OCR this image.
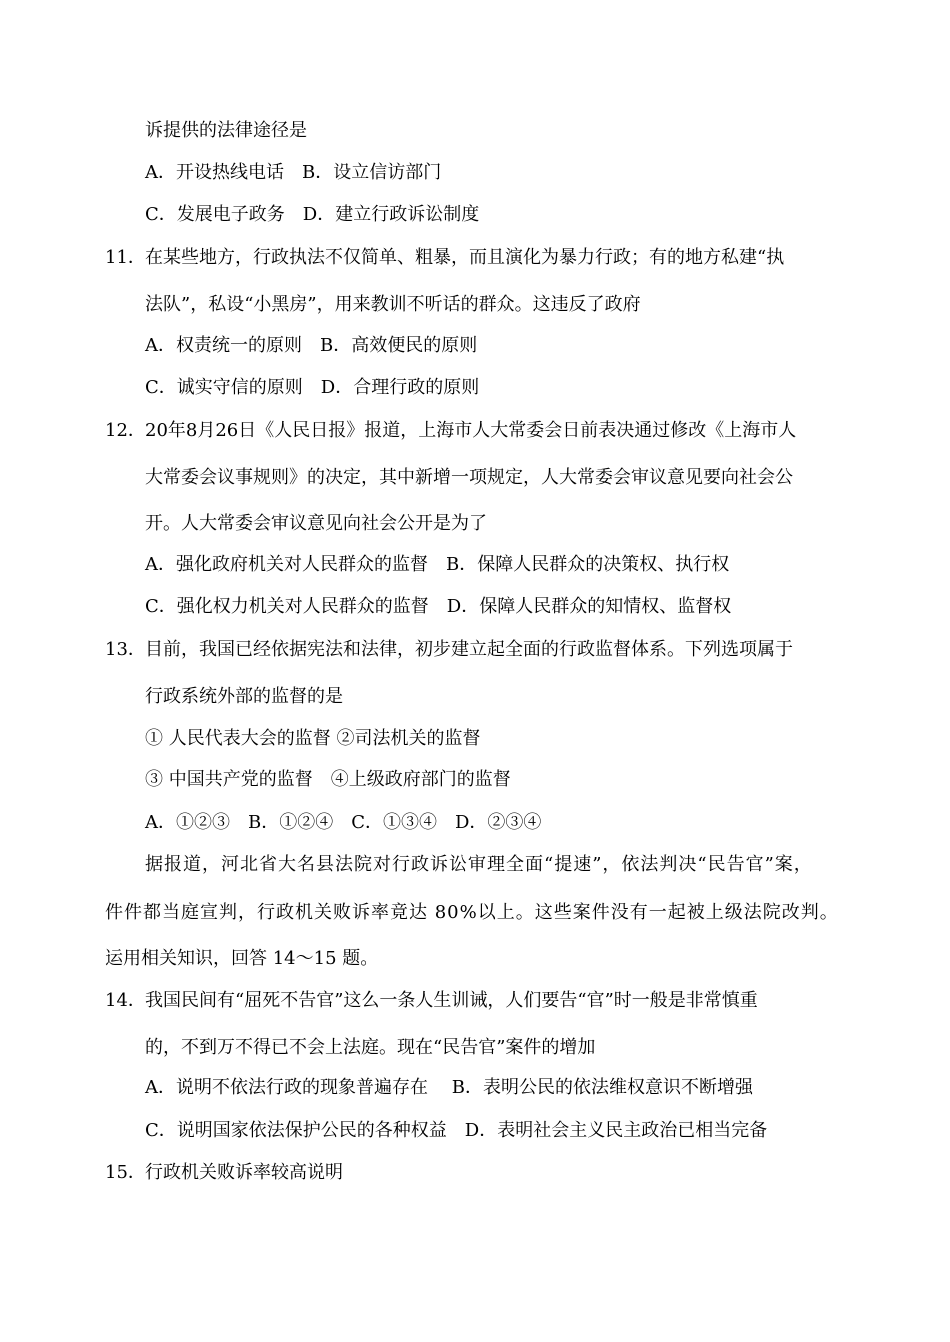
诉提供的法律途径是
A．开设热线电话　B．设立信访部门
C．发展电子政务　D．建立行政诉讼制度
11． 在某些地方，行政执法不仅简单、粗暴，而且演化为暴力行政；有的地方私建“执
法队”，私设“小黑房”，用来教训不听话的群众。这违反了政府
A．权责统一的原则　B．高效便民的原则
C．诚实守信的原则　D．合理行政的原则
12． 20年8月26日《人民日报》报道，上海市人大常委会日前表决通过修改《上海市人
大常委会议事规则》的决定，其中新增一项规定，人大常委会审议意见要向社会公
开。人大常委会审议意见向社会公开是为了
A．强化政府机关对人民群众的监督　B．保障人民群众的决策权、执行权
C．强化权力机关对人民群众的监督　D．保障人民群众的知情权、监督权
13． 目前，我国已经依据宪法和法律，初步建立起全面的行政监督体系。下列选项属于
行政系统外部的监督的是
① 人民代表大会的监督 ②司法机关的监督
③ 中国共产党的监督　④上级政府部门的监督
A．①②③　B．①②④　C．①③④　D．②③④
据报道，河北省大名县法院对行政诉讼审理全面“提速”，依法判决“民告官”案，
件件都当庭宣判，行政机关败诉率竟达 80%以上。这些案件没有一起被上级法院改判。
运用相关知识，回答 14～15 题。
14． 我国民间有“屈死不告官”这么一条人生训诫，人们要告“官”时一般是非常慎重
的，不到万不得已不会上法庭。现在“民告官”案件的增加
A．说明不依法行政的现象普遍存在　 B．表明公民的依法维权意识不断增强
C．说明国家依法保护公民的各种权益　D．表明社会主义民主政治已相当完备
15． 行政机关败诉率较高说明
